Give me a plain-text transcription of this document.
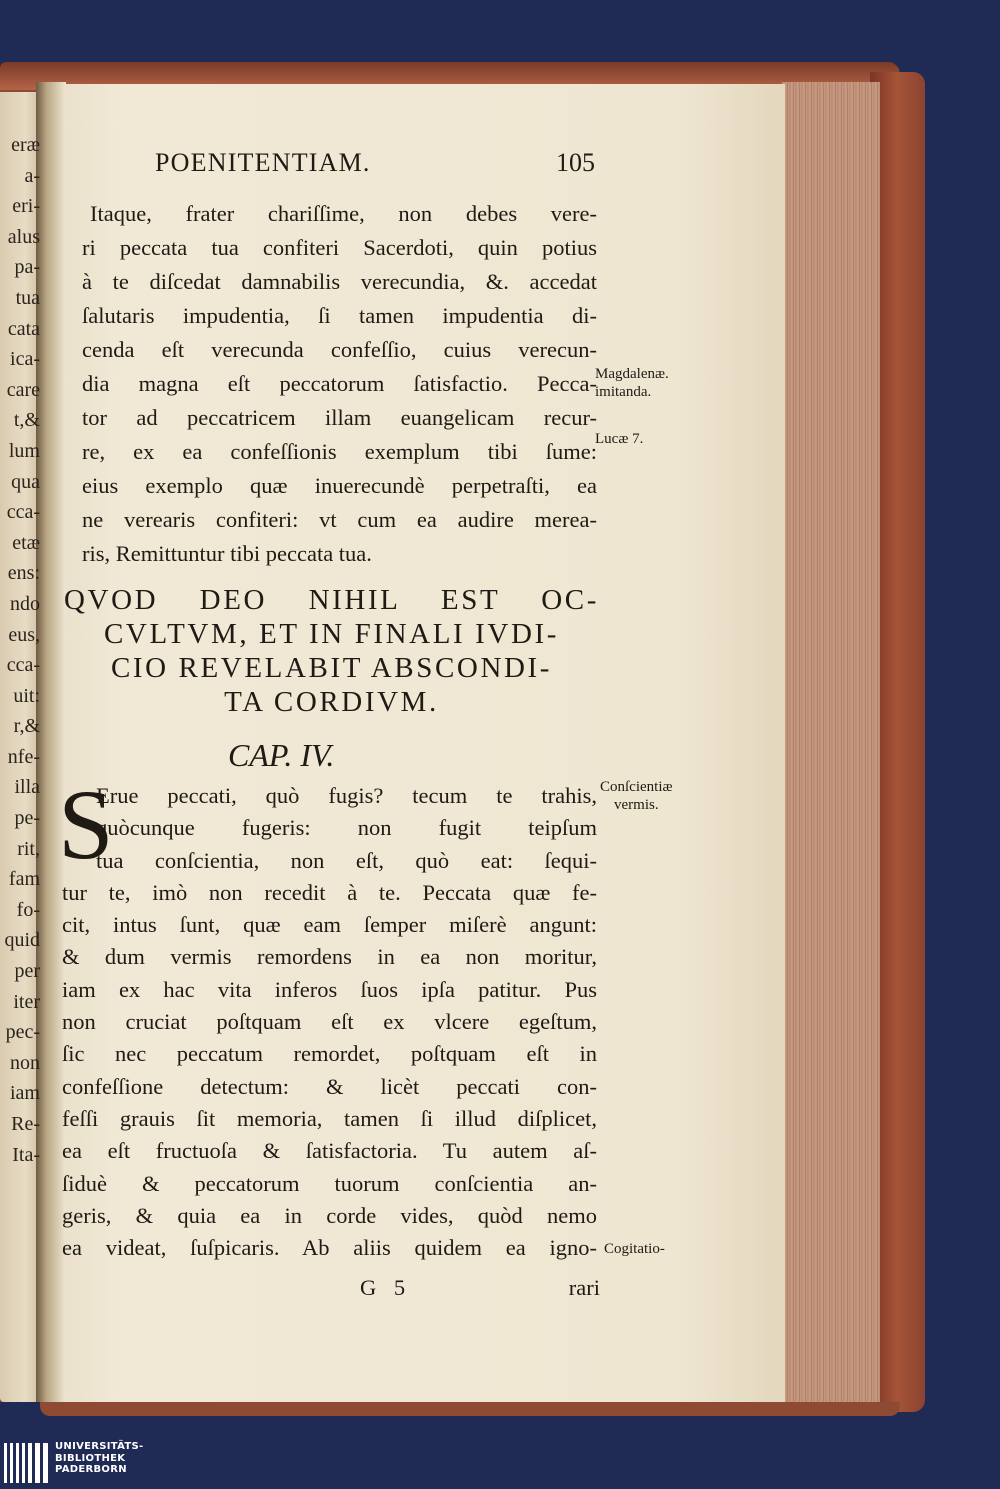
eræ
a-
eri-
alus
pa-
tua
cata
ica-
care
t,&
lum
qua
cca-
etæ
ens:
ndo
eus,
cca-
uit:
r,&
nfe-
illa
pe-
rit,
fam
fo-
quid
per
iter
pec-
non
iam
Re-
Ita-
POENITENTIAM.	105
Itaque, frater chariſſime, non debes vere-
ri peccata tua confiteri Sacerdoti, quin potius
à te diſcedat damnabilis verecundia, &. accedat
ſalutaris impudentia, ſi tamen impudentia di-
cenda eſt verecunda confeſſio, cuius verecun-
dia magna eſt peccatorum ſatisfactio. Pecca-
tor ad peccatricem illam euangelicam recur-
re, ex ea confeſſionis exemplum tibi ſume:
eius exemplo quæ inuerecundè perpetraſti, ea
ne verearis confiteri: vt cum ea audire merea-
ris, Remittuntur tibi peccata tua.
Magdalenæ.
imitanda.
Lucæ 7.
QVOD DEO NIHIL EST OC-
CVLTVM, ET IN FINALI IVDI-
CIO REVELABIT ABSCONDI-
TA CORDIVM.
CAP. IV.
S
Erue peccati, quò fugis? tecum te trahis,
quòcunque fugeris: non fugit teipſum
tua conſcientia, non eſt, quò eat: ſequi-
tur te, imò non recedit à te. Peccata quæ fe-
cit, intus ſunt, quæ eam ſemper miſerè angunt:
& dum vermis remordens in ea non moritur,
iam ex hac vita inferos ſuos ipſa patitur. Pus
non cruciat poſtquam eſt ex vlcere egeſtum,
ſic nec peccatum remordet, poſtquam eſt in
confeſſione detectum: & licèt peccati con-
feſſi grauis ſit memoria, tamen ſi illud diſplicet,
ea eſt fructuoſa & ſatisfactoria. Tu autem aſ-
ſiduè & peccatorum tuorum conſcientia an-
geris, & quia ea in corde vides, quòd nemo
ea videat, ſuſpicaris. Ab aliis quidem ea igno-
Conſcientiæ
vermis.
Cogitatio-
G 5	rari
UNIVERSITÄTS-
BIBLIOTHEK
PADERBORN
